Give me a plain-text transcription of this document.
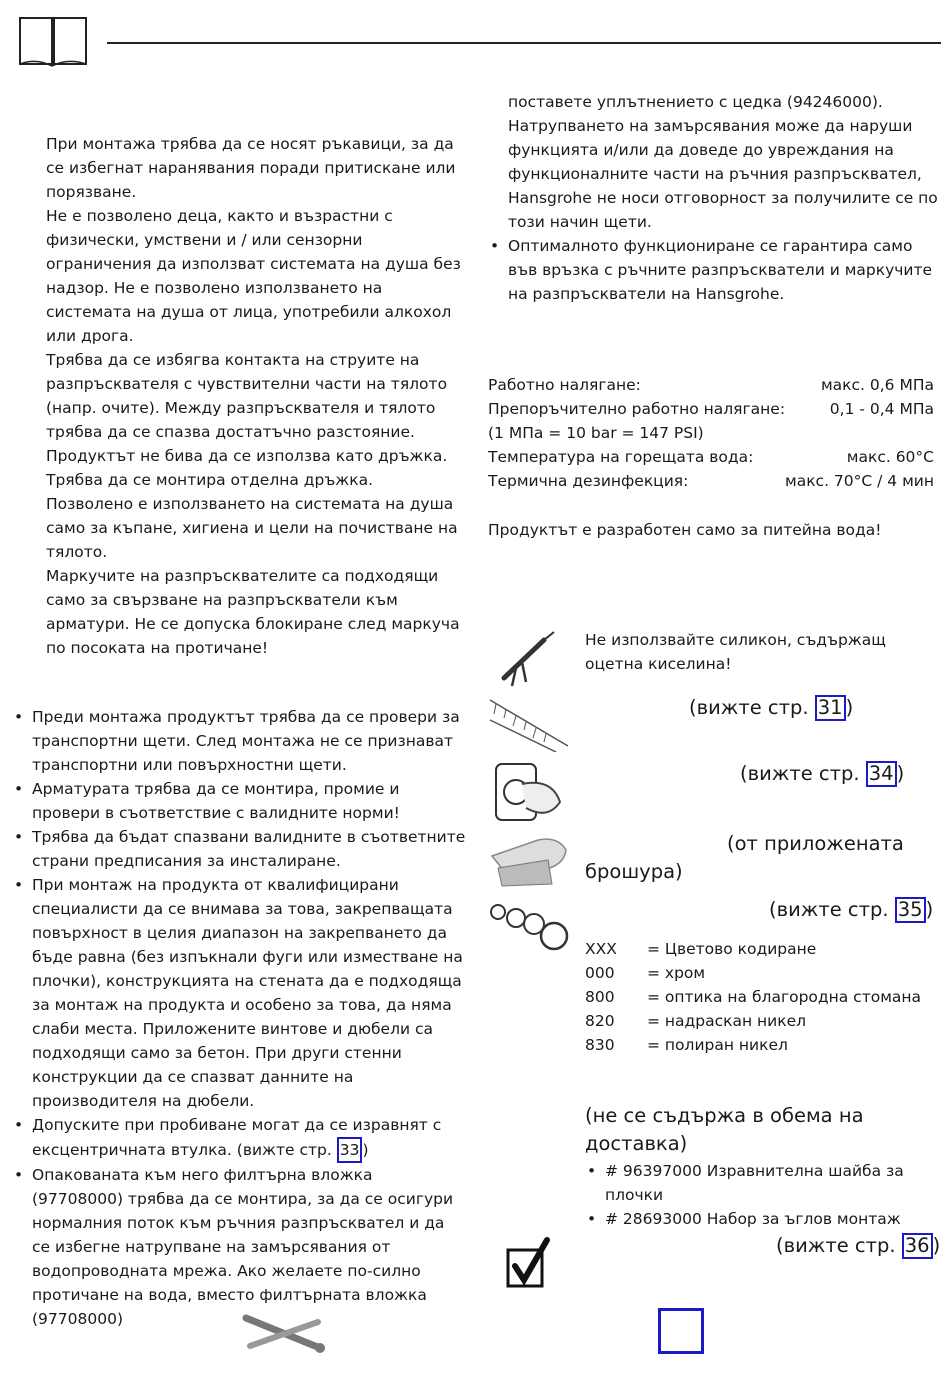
При монтажа трябва да се носят ръкавици, за да се избегнат наранявания поради притискане или порязване.

Не е позволено деца, както и възрастни с физически, умствени и / или сензорни ограничения да използват системата на душа без надзор. Не е позволено използването на системата на душа от лица, употребили алкохол или дрога.

Трябва да се избягва контакта на струите на разпръсквателя с чувствителни части на тялото (напр. очите). Между разпръсквателя и тялото трябва да се спазва достатъчно разстояние.

Продуктът не бива да се използва като дръжка. Трябва да се монтира отделна дръжка.

Позволено е използването на системата на душа само за къпане, хигиена и цели на почистване на тялото.

Маркучите на разпръсквателите са подходящи само за свързване на разпръскватели към арматури. Не се допуска блокиране след маркуча по посоката на протичане!

• Преди монтажа продуктът трябва да се провери за транспортни щети. След монтажа не се признават транспортни или повърхностни щети.

• Арматурата трябва да се монтира, промие и провери в съответствие с валидните норми!

• Трябва да бъдат спазвани валидните в съответните страни предписания за инсталиране.

• При монтаж на продукта от квалифицирани специалисти да се внимава за това, закрепващата повърхност в целия диапазон на закрепването да бъде равна (без изпъкнали фуги или изместване на плочки), конструкцията на стената да е подходяща за монтаж на продукта и особено за това, да няма слаби места. Приложените винтове и дюбели са подходящи само за бетон. При други стенни конструкции да се спазват данните на производителя на дюбели.

• Допуските при пробиване могат да се изравнят с ексцентричната втулка. (вижте стр. 33 )

• Опакованата към него филтърна вложка (97708000) трябва да се монтира, за да се осигури нормалния поток към ръчния разпръсквател и да се избегне натрупване на замърсявания от водопроводната мрежа. Ако желаете по-силно протичане на вода, вместо филтърната вложка (97708000)

поставете уплътнението с цедка (94246000). Натрупването на замърсявания може да наруши функцията и/или да доведе до увреждания на функционалните части на ръчния разпръсквател, Hansgrohe не носи отговорност за получилите се по този начин щети.

• Оптималното функциониране се гарантира само във връзка с ръчните разпръскватели и маркучите на разпръскватели на Hansgrohe.

Работно налягане:	макс. 0,6 МПа
Препоръчително работно налягане:	0,1 - 0,4 МПа
(1 МПа = 10 bar = 147 PSI)
Температура на горещата вода:	макс. 60°C
Термична дезинфекция:	макс. 70°C / 4 мин
Продуктът е разработен само за питейна вода!
Не използвайте силикон, съдържащ оцетна киселина!
(вижте стр. 31 )
(вижте стр. 34 )
(от приложената брошура)
(вижте стр. 35 )
XXX	= Цветово кодиране
000	= хром
800	= оптика на благородна стомана
820	= надраскан никел
830	= полиран никел
(не се съдържа в обема на доставка)

• # 96397000 Изравнителна шайба за плочки

• # 28693000 Набор за ъглов монтаж

(вижте стр. 36 )
